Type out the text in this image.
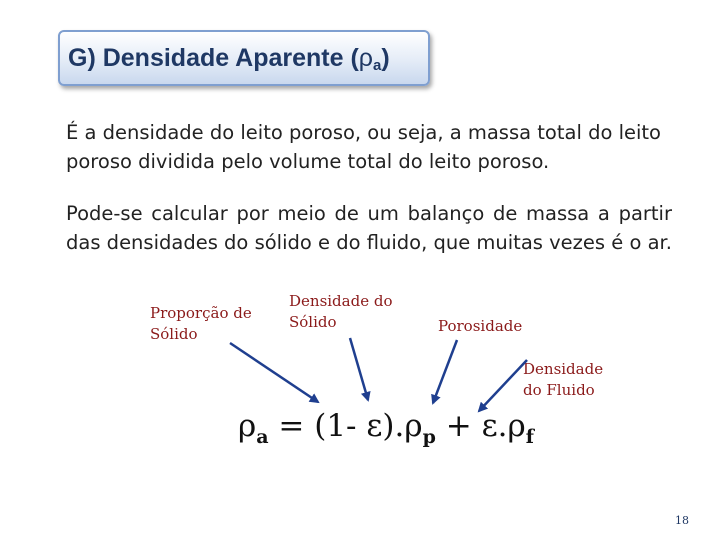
G) Densidade Aparente $(\rho_a)$
É a densidade do leito poroso, ou seja, a massa total do leito poroso dividida pelo volume total do leito poroso.
Pode-se calcular por meio de um balanço de massa a partir das densidades do sólido e do fluido, que muitas vezes é o ar.
Proporção de
Sólido
Densidade do
Sólido	Porosidade
Densidade
do Fluido
$\rho_a = (1-$ $\varepsilon).\rho_p + \varepsilon.\rho_f$
18
